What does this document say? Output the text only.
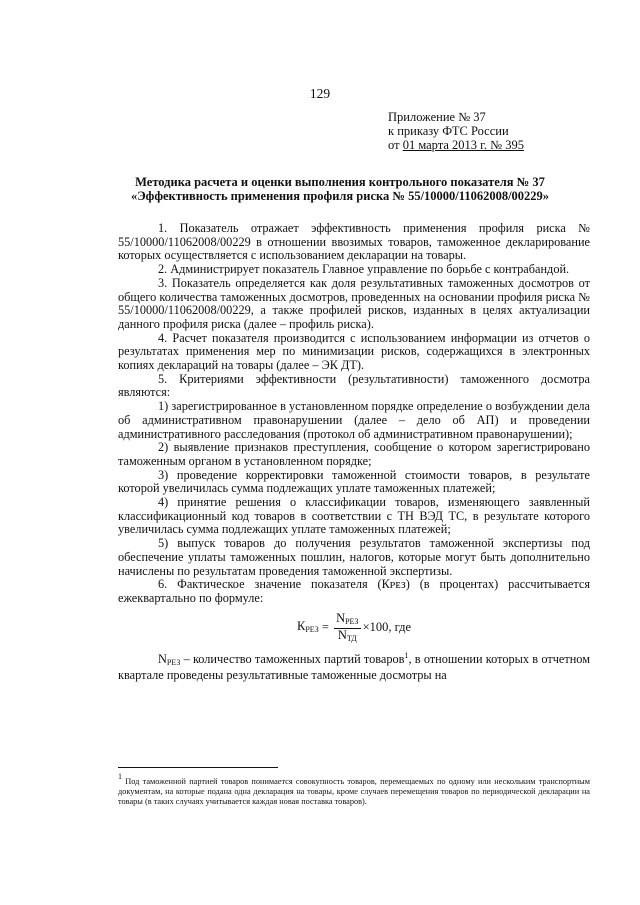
129
Приложение № 37
к приказу ФТС России
от 01 марта 2013 г. № 395
Методика расчета и оценки выполнения контрольного показателя № 37
«Эффективность применения профиля риска № 55/10000/11062008/00229»

1. Показатель отражает эффективность применения профиля риска № 55/10000/11062008/00229 в отношении ввозимых товаров, таможенное декларирование которых осуществляется с использованием декларации на товары.

2. Администрирует показатель Главное управление по борьбе с контрабандой.

3. Показатель определяется как доля результативных таможенных досмотров от общего количества таможенных досмотров, проведенных на основании профиля риска № 55/10000/11062008/00229, а также профилей рисков, изданных в целях актуализации данного профиля риска (далее – профиль риска).

4. Расчет показателя производится с использованием информации из отчетов о результатах применения мер по минимизации рисков, содержащихся в электронных копиях деклараций на товары (далее – ЭК ДТ).

5. Критериями эффективности (результативности) таможенного досмотра являются:

1) зарегистрированное в установленном порядке определение о возбуждении дела об административном правонарушении (далее – дело об АП) и проведении административного расследования (протокол об административном правонарушении);

2) выявление признаков преступления, сообщение о котором зарегистрировано таможенным органом в установленном порядке;

3) проведение корректировки таможенной стоимости товаров, в результате которой увеличилась сумма подлежащих уплате таможенных платежей;

4) принятие решения о классификации товаров, изменяющего заявленный классификационный код товаров в соответствии с ТН ВЭД ТС, в результате которого увеличилась сумма подлежащих уплате таможенных платежей;

5) выпуск товаров до получения результатов таможенной экспертизы под обеспечение уплаты таможенных пошлин, налогов, которые могут быть дополнительно начислены по результатам проведения таможенной экспертизы.

6. Фактическое значение показателя (Кᴘᴇз) (в процентах) рассчитывается ежеквартально по формуле:

$К_{РЕЗ} = \frac{N_{РЕЗ}}{N_{ТД}} \times 100$, где

$N_{РЕЗ}$ – количество таможенных партий товаров$^1$, в отношении которых в отчетном квартале проведены результативные таможенные досмотры на

1 Под таможенной партией товаров понимается совокупность товаров, перемещаемых по одному или нескольким транспортным документам, на которые подана одна декларация на товары, кроме случаев перемещения товаров по периодической декларации на товары (в таких случаях учитывается каждая новая поставка товаров).
